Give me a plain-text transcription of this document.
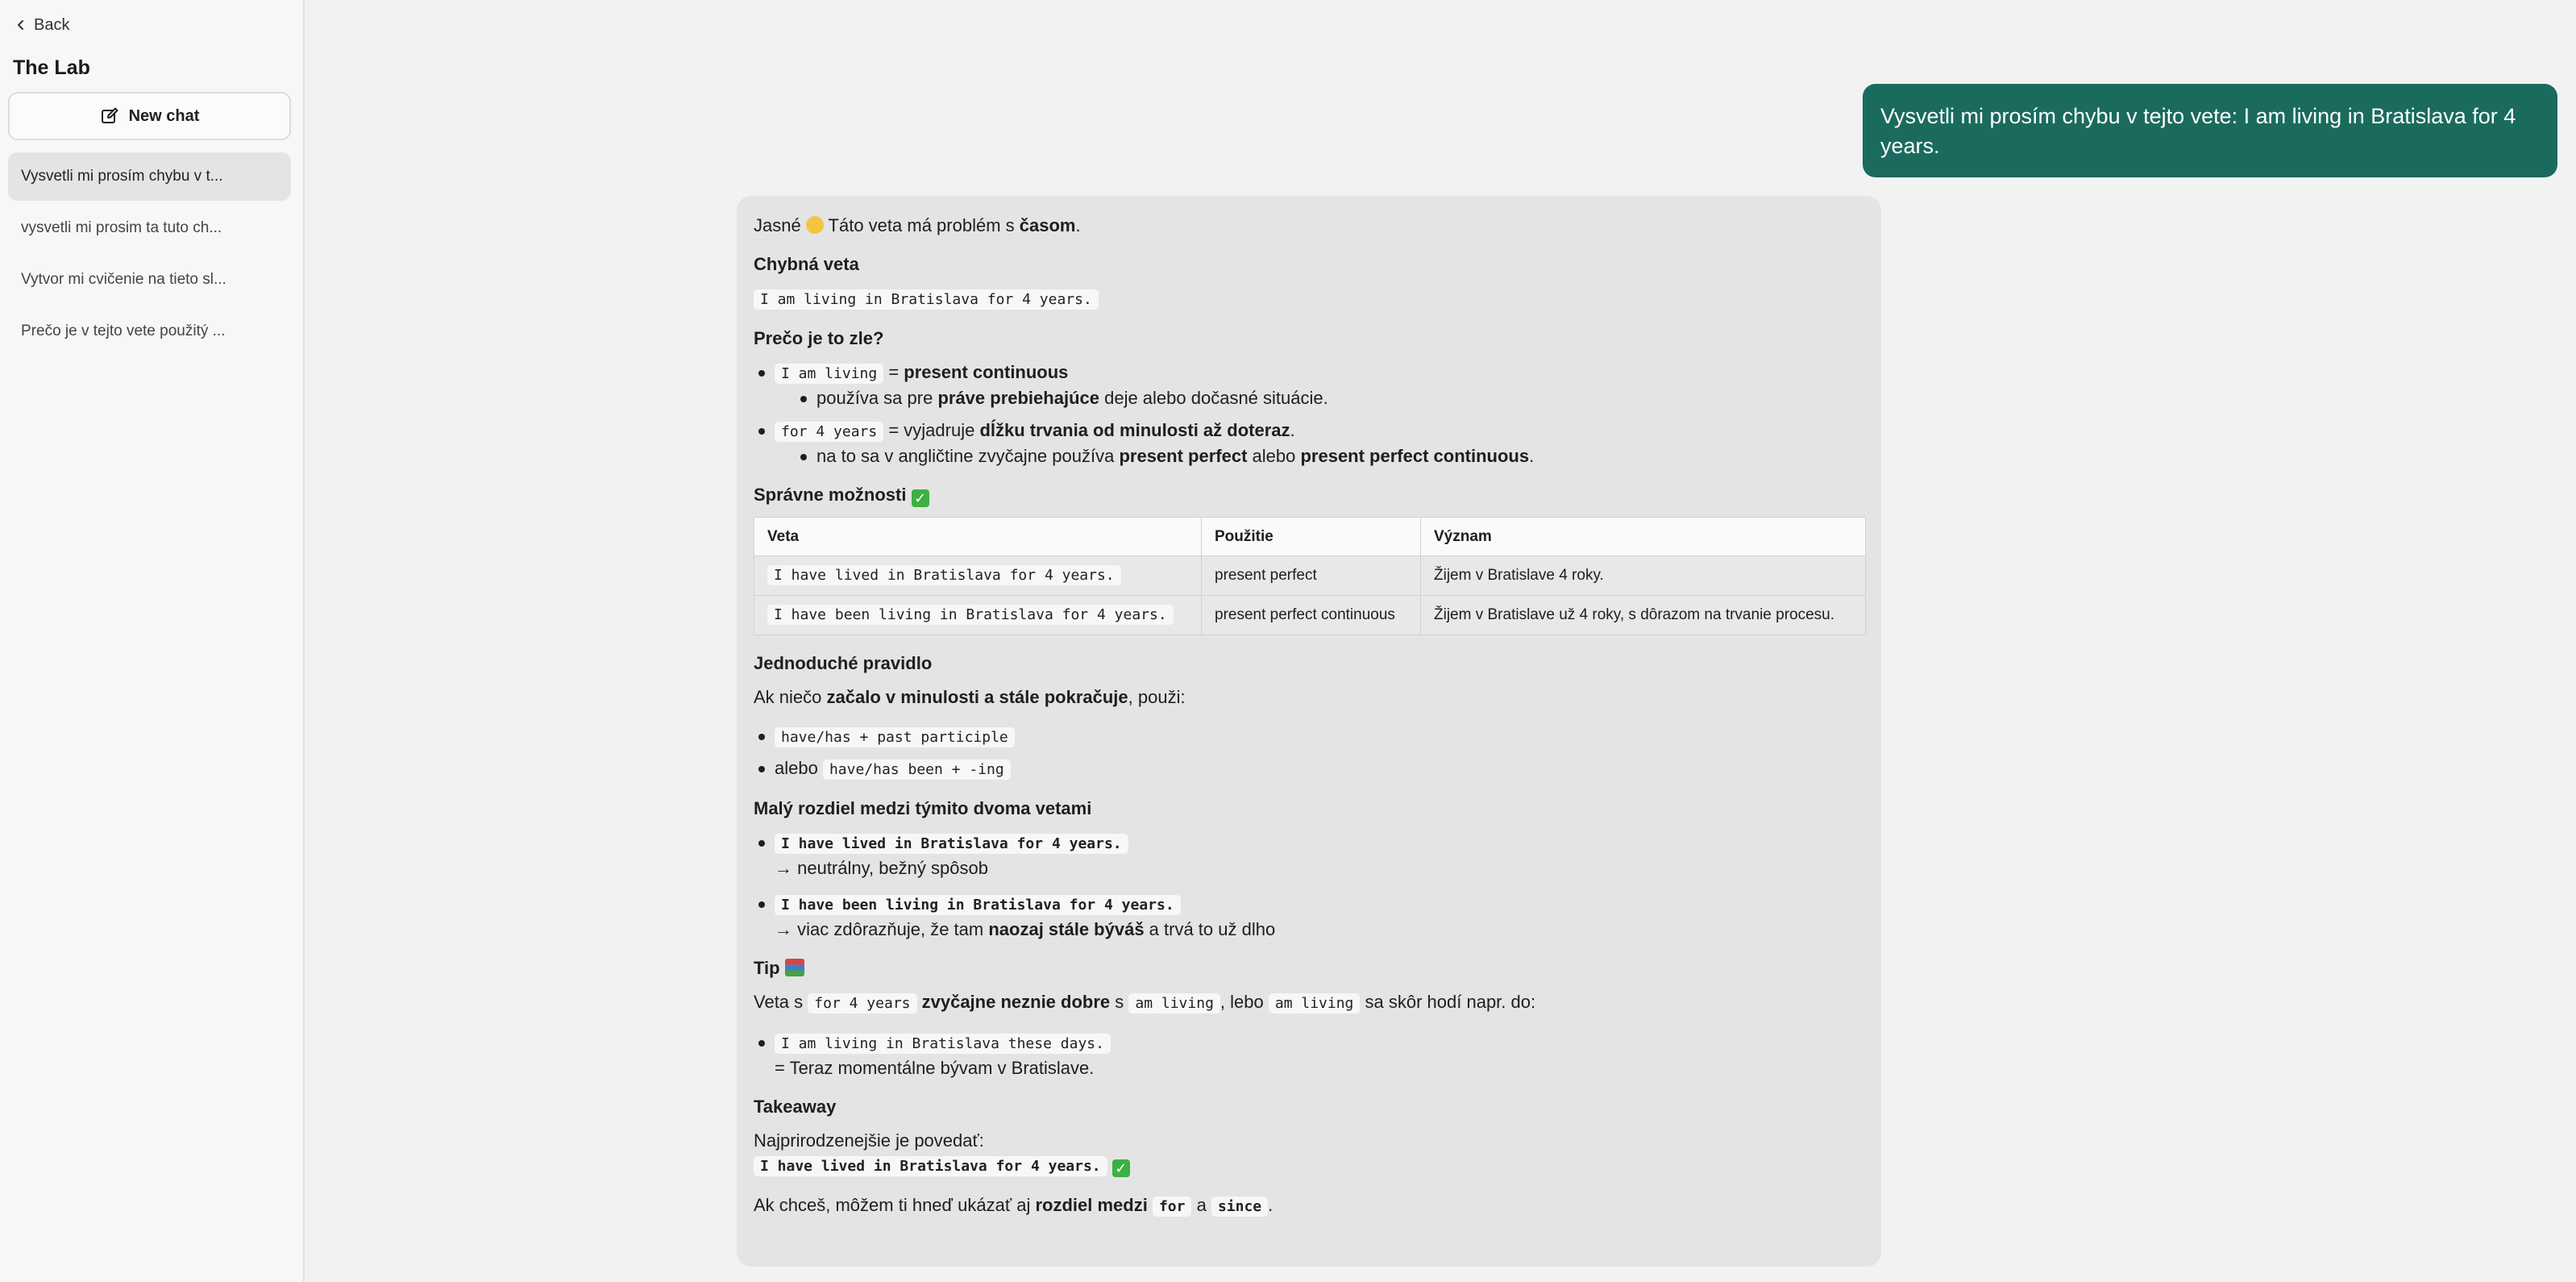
Back
The Lab
New chat
Vysvetli mi prosím chybu v t...
vysvetli mi prosim ta tuto ch...
Vytvor mi cvičenie na tieto sl...
Prečo je v tejto vete použitý ...
Vysvetli mi prosím chybu v tejto vete: I am living in Bratislava for 4 years.
Jasné  Táto veta má problém s časom.
Chybná veta
I am living in Bratislava for 4 years.
Prečo je to zle?
I am living = present continuous
používa sa pre práve prebiehajúce deje alebo dočasné situácie.
for 4 years = vyjadruje dĺžku trvania od minulosti až doteraz.
na to sa v angličtine zvyčajne používa present perfect alebo present perfect continuous.
Správne možnosti ✓
Veta	Použitie	Význam
I have lived in Bratislava for 4 years.	present perfect	Žijem v Bratislave 4 roky.
I have been living in Bratislava for 4 years.	present perfect continuous	Žijem v Bratislave už 4 roky, s dôrazom na trvanie procesu.
Jednoduché pravidlo
Ak niečo začalo v minulosti a stále pokračuje, použi:
have/has + past participle
alebo have/has been + -ing
Malý rozdiel medzi týmito dvoma vetami
I have lived in Bratislava for 4 years.
→ neutrálny, bežný spôsob
I have been living in Bratislava for 4 years.
→ viac zdôrazňuje, že tam naozaj stále býváš a trvá to už dlho
Tip
Veta s for 4 years zvyčajne neznie dobre s am living , lebo am living sa skôr hodí napr. do:
I am living in Bratislava these days.
= Teraz momentálne bývam v Bratislave.
Takeaway
Najprirodzenejšie je povedať:
I have lived in Bratislava for 4 years. ✓
Ak chceš, môžem ti hneď ukázať aj rozdiel medzi for a since .
